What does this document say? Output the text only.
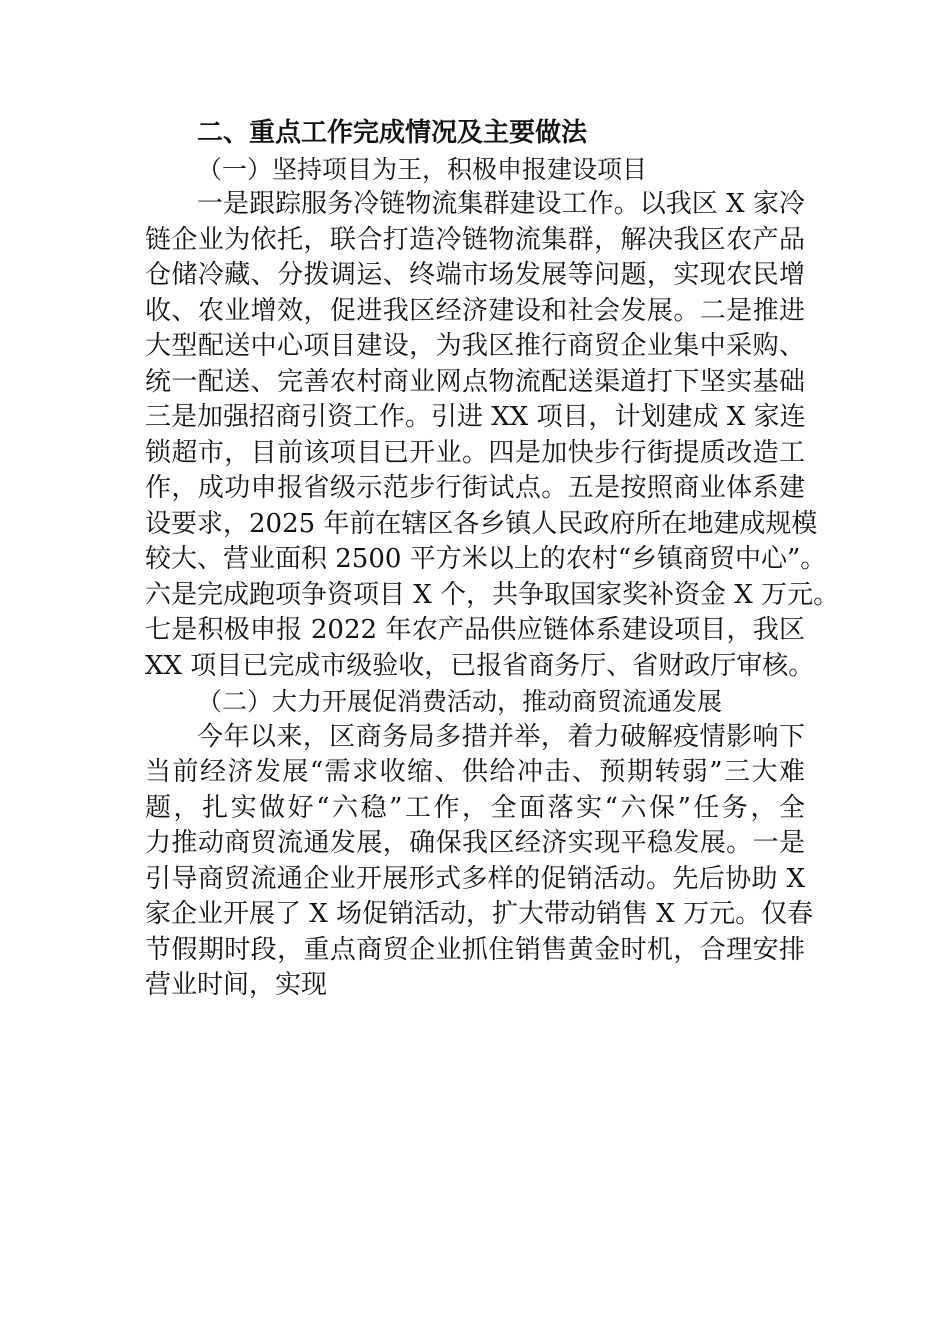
二、重点工作完成情况及主要做法
（一）坚持项目为王，积极申报建设项目
一是跟踪服务冷链物流集群建设工作。以我区 X 家冷
链企业为依托，联合打造冷链物流集群，解决我区农产品
仓储冷藏、分拨调运、终端市场发展等问题，实现农民增
收、农业增效，促进我区经济建设和社会发展。二是推进
大型配送中心项目建设，为我区推行商贸企业集中采购、
统一配送、完善农村商业网点物流配送渠道打下坚实基础
三是加强招商引资工作。引进 XX 项目，计划建成 X 家连
锁超市，目前该项目已开业。四是加快步行街提质改造工
作，成功申报省级示范步行街试点。五是按照商业体系建
设要求，2025 年前在辖区各乡镇人民政府所在地建成规模
较大、营业面积 2500 平方米以上的农村“乡镇商贸中心”。
六是完成跑项争资项目 X 个，共争取国家奖补资金 X 万元。
七是积极申报 2022 年农产品供应链体系建设项目，我区
XX 项目已完成市级验收，已报省商务厅、省财政厅审核。
（二）大力开展促消费活动，推动商贸流通发展
今年以来，区商务局多措并举，着力破解疫情影响下
当前经济发展“需求收缩、供给冲击、预期转弱”三大难
题，扎实做好“六稳”工作，全面落实“六保”任务，全
力推动商贸流通发展，确保我区经济实现平稳发展。一是
引导商贸流通企业开展形式多样的促销活动。先后协助 X
家企业开展了 X 场促销活动，扩大带动销售 X 万元。仅春
节假期时段，重点商贸企业抓住销售黄金时机，合理安排
营业时间，实现
